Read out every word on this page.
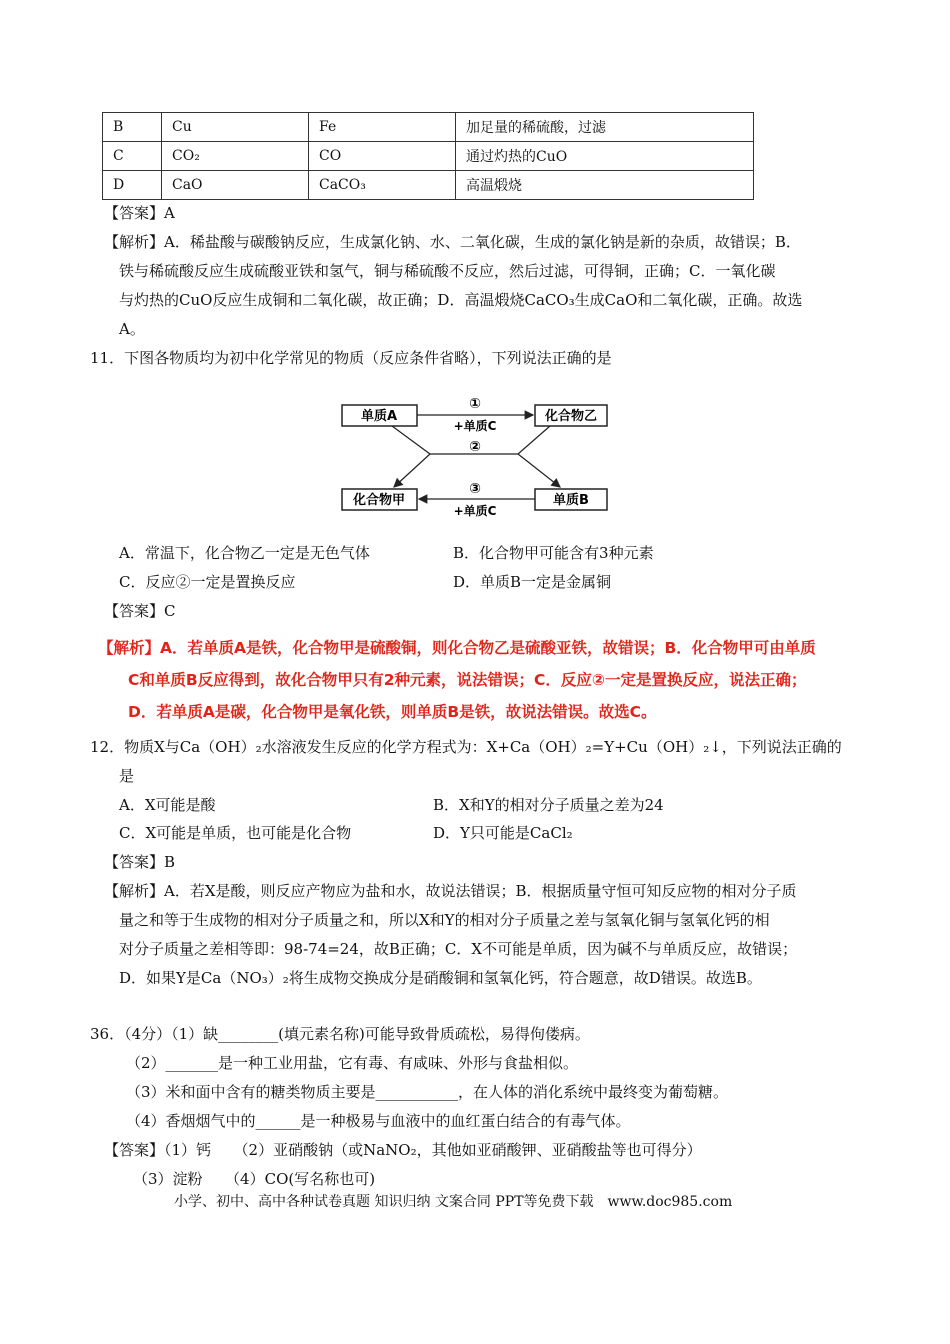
B	Cu	Fe	加足量的稀硫酸，过滤
C	CO₂	CO	通过灼热的CuO
D	CaO	CaCO₃	高温煅烧
【答案】A
【解析】A．稀盐酸与碳酸钠反应，生成氯化钠、水、二氧化碳，生成的氯化钠是新的杂质，故错误；B．
铁与稀硫酸反应生成硫酸亚铁和氢气，铜与稀硫酸不反应，然后过滤，可得铜，正确；C．一氧化碳
与灼热的CuO反应生成铜和二氧化碳，故正确；D．高温煅烧CaCO₃生成CaO和二氧化碳，正确。故选
A。
11．下图各物质均为初中化学常见的物质（反应条件省略），下列说法正确的是
单质A	化合物乙
化合物甲	单质B
①
+单质C
②
③
+单质C
A．常温下，化合物乙一定是无色气体	B．化合物甲可能含有3种元素
C．反应②一定是置换反应	D．单质B一定是金属铜
【答案】C
【解析】A．若单质A是铁，化合物甲是硫酸铜，则化合物乙是硫酸亚铁，故错误；B．化合物甲可由单质
C和单质B反应得到，故化合物甲只有2种元素，说法错误；C．反应②一定是置换反应，说法正确；
D．若单质A是碳，化合物甲是氧化铁，则单质B是铁，故说法错误。故选C。
12．物质X与Ca（OH）₂水溶液发生反应的化学方程式为：X+Ca（OH）₂=Y+Cu（OH）₂↓，下列说法正确的
是
A．X可能是酸	B．X和Y的相对分子质量之差为24
C．X可能是单质，也可能是化合物	D．Y只可能是CaCl₂
【答案】B
【解析】A．若X是酸，则反应产物应为盐和水，故说法错误；B．根据质量守恒可知反应物的相对分子质
量之和等于生成物的相对分子质量之和，所以X和Y的相对分子质量之差与氢氧化铜与氢氧化钙的相
对分子质量之差相等即：98-74=24，故B正确；C．X不可能是单质，因为碱不与单质反应，故错误；
D．如果Y是Ca（NO₃）₂将生成物交换成分是硝酸铜和氢氧化钙，符合题意，故D错误。故选B。
36．（4分）（1）缺________(填元素名称)可能导致骨质疏松，易得佝偻病。
（2）_______是一种工业用盐，它有毒、有咸味、外形与食盐相似。
（3）米和面中含有的糖类物质主要是___________，在人体的消化系统中最终变为葡萄糖。
（4）香烟烟气中的______是一种极易与血液中的血红蛋白结合的有毒气体。
【答案】（1）钙　　（2）亚硝酸钠（或NaNO₂，其他如亚硝酸钾、亚硝酸盐等也可得分）
（3）淀粉　　（4）CO(写名称也可)
小学、初中、高中各种试卷真题 知识归纳 文案合同 PPT等免费下载　www.doc985.com
